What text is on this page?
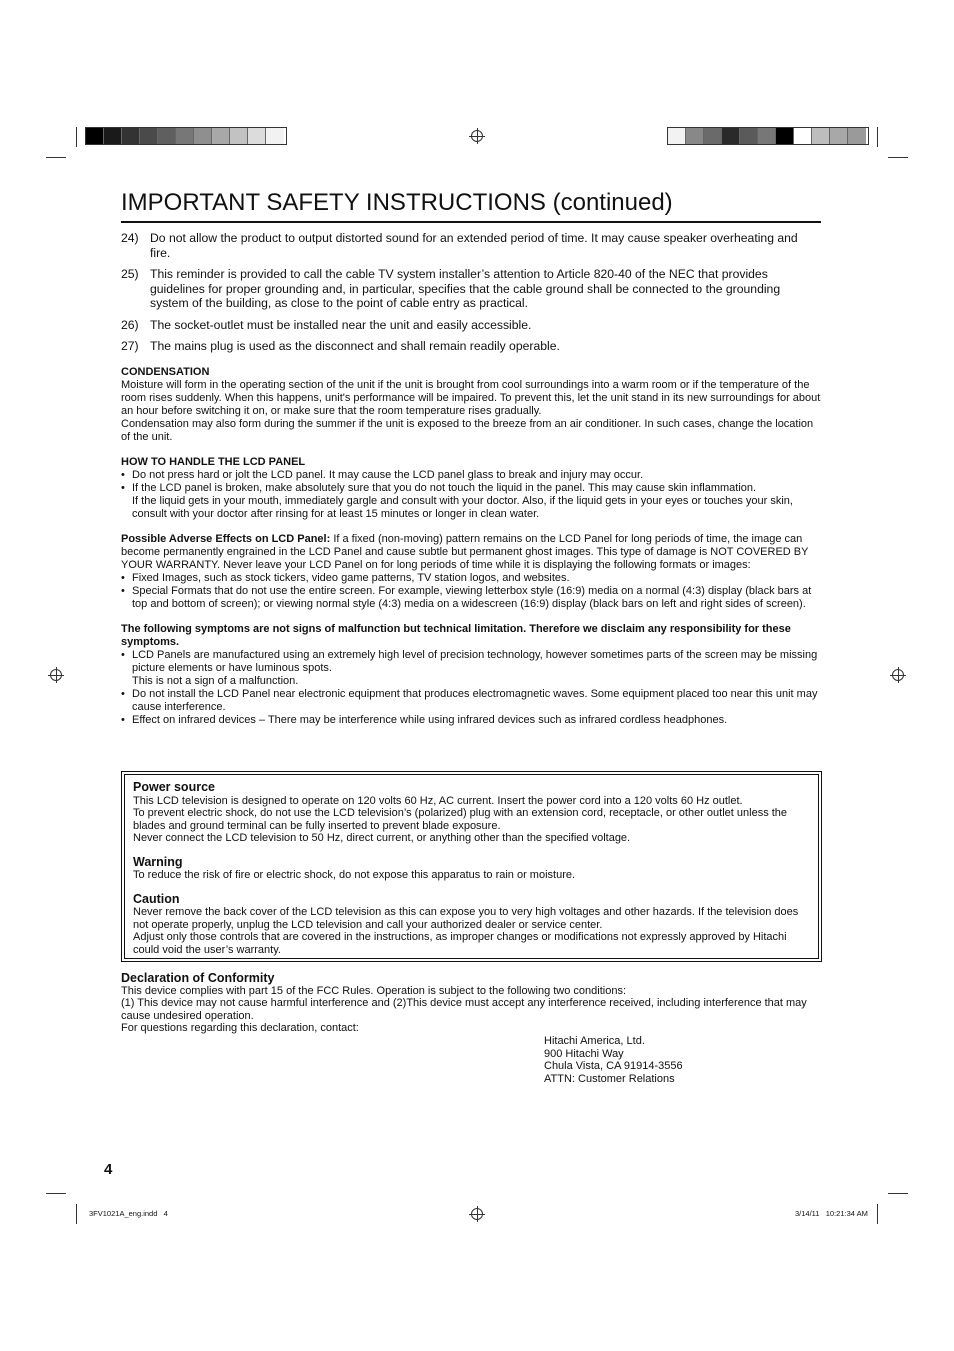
IMPORTANT SAFETY INSTRUCTIONS (continued)
24) Do not allow the product to output distorted sound for an extended period of time. It may cause speaker overheating and fire.
25) This reminder is provided to call the cable TV system installer’s attention to Article 820-40 of the NEC that provides guidelines for proper grounding and, in particular, specifies that the cable ground shall be connected to the grounding system of the building, as close to the point of cable entry as practical.
26) The socket-outlet must be installed near the unit and easily accessible.
27) The mains plug is used as the disconnect and shall remain readily operable.
CONDENSATION

Moisture will form in the operating section of the unit if the unit is brought from cool surroundings into a warm room or if the temperature of the room rises suddenly. When this happens, unit's performance will be impaired. To prevent this, let the unit stand in its new surroundings for about an hour before switching it on, or make sure that the room temperature rises gradually.

Condensation may also form during the summer if the unit is exposed to the breeze from an air conditioner. In such cases, change the location of the unit.

HOW TO HANDLE THE LCD PANEL
• Do not press hard or jolt the LCD panel. It may cause the LCD panel glass to break and injury may occur.
• If the LCD panel is broken, make absolutely sure that you do not touch the liquid in the panel. This may cause skin inflammation.
If the liquid gets in your mouth, immediately gargle and consult with your doctor. Also, if the liquid gets in your eyes or touches your skin, consult with your doctor after rinsing for at least 15 minutes or longer in clean water.

Possible Adverse Effects on LCD Panel: If a fixed (non-moving) pattern remains on the LCD Panel for long periods of time, the image can become permanently engrained in the LCD Panel and cause subtle but permanent ghost images. This type of damage is NOT COVERED BY YOUR WARRANTY. Never leave your LCD Panel on for long periods of time while it is displaying the following formats or images:

• Fixed Images, such as stock tickers, video game patterns, TV station logos, and websites.
• Special Formats that do not use the entire screen. For example, viewing letterbox style (16:9) media on a normal (4:3) display (black bars at top and bottom of screen); or viewing normal style (4:3) media on a widescreen (16:9) display (black bars on left and right sides of screen).
The following symptoms are not signs of malfunction but technical limitation. Therefore we disclaim any responsibility for these symptoms.
• LCD Panels are manufactured using an extremely high level of precision technology, however sometimes parts of the screen may be missing picture elements or have luminous spots.
This is not a sign of a malfunction.
• Do not install the LCD Panel near electronic equipment that produces electromagnetic waves. Some equipment placed too near this unit may cause interference.
• Effect on infrared devices – There may be interference while using infrared devices such as infrared cordless headphones.
Power source

This LCD television is designed to operate on 120 volts 60 Hz, AC current. Insert the power cord into a 120 volts 60 Hz outlet.

To prevent electric shock, do not use the LCD television’s (polarized) plug with an extension cord, receptacle, or other outlet unless the blades and ground terminal can be fully inserted to prevent blade exposure.

Never connect the LCD television to 50 Hz, direct current, or anything other than the specified voltage.

Warning

To reduce the risk of fire or electric shock, do not expose this apparatus to rain or moisture.

Caution

Never remove the back cover of the LCD television as this can expose you to very high voltages and other hazards. If the television does not operate properly, unplug the LCD television and call your authorized dealer or service center.

Adjust only those controls that are covered in the instructions, as improper changes or modifications not expressly approved by Hitachi could void the user’s warranty.

Declaration of Conformity

This device complies with part 15 of the FCC Rules. Operation is subject to the following two conditions:

(1) This device may not cause harmful interference and (2)This device must accept any interference received, including interference that may cause undesired operation.

For questions regarding this declaration, contact:

Hitachi America, Ltd.
900 Hitachi Way
Chula Vista, CA 91914-3556
ATTN: Customer Relations
4
3FV1021A_eng.indd   4	3/14/11   10:21:34 AM
